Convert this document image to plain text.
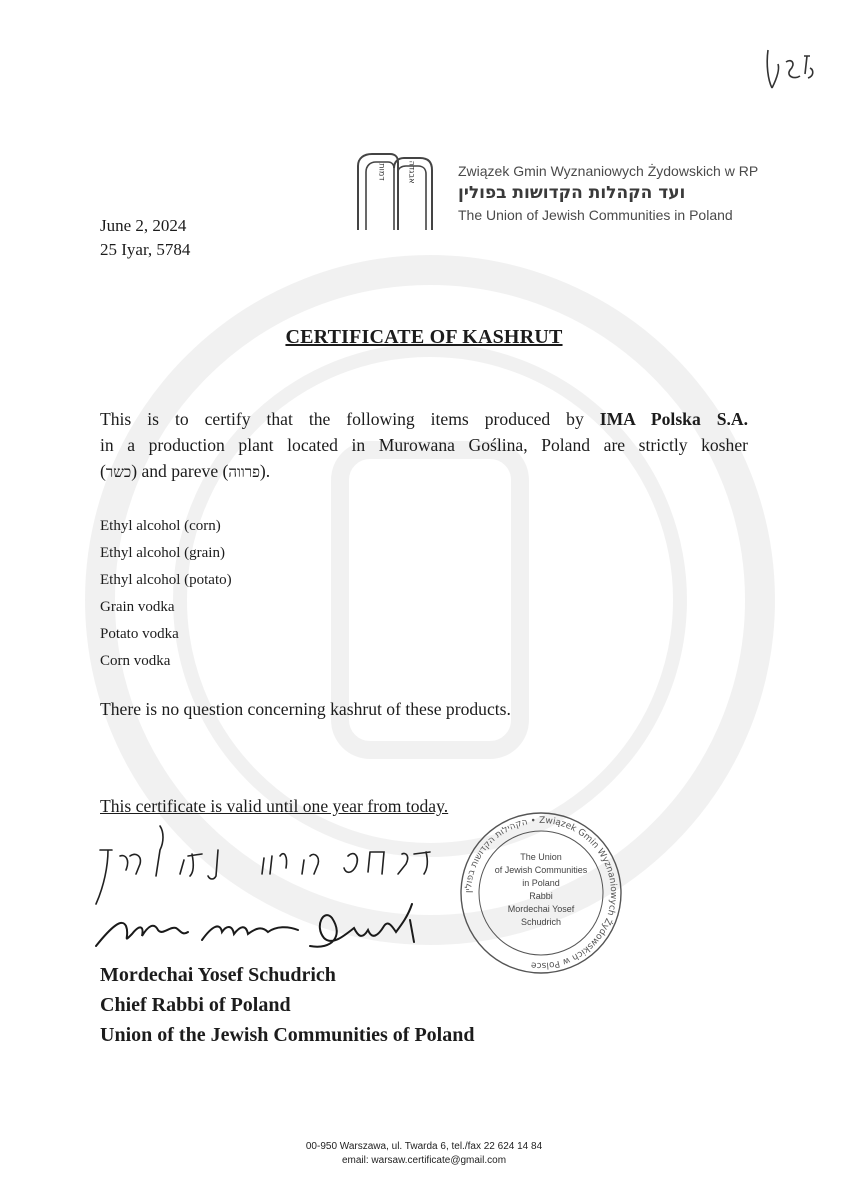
דמות	אבגדה	Związek Gmin Wyznaniowych Żydowskich w RP
ועד הקהלות הקדושות בפולין
The Union of Jewish Communities in Poland
June 2, 2024
25 Iyar, 5784
CERTIFICATE OF KASHRUT
This is to certify that the following items produced by IMA Polska S.A.
in a production plant located in Murowana Goślina, Poland are strictly kosher
(כשר) and pareve (פרווה).
Ethyl alcohol (corn)
Ethyl alcohol (grain)
Ethyl alcohol (potato)
Grain vodka
Potato vodka
Corn vodka
There is no question concerning kashrut of these products.
This certificate is valid until one year from today.
הקהילות הקדושות בפולין • Związek Gmin Wyznaniowych Żydowskich w Polsce
The Union
of Jewish Communities
in Poland
Rabbi
Mordechai Yosef
Schudrich
Mordechai Yosef Schudrich
Chief Rabbi of Poland
Union of the Jewish Communities of Poland
00-950 Warszawa, ul. Twarda 6, tel./fax 22 624 14 84
email: warsaw.certificate@gmail.com
